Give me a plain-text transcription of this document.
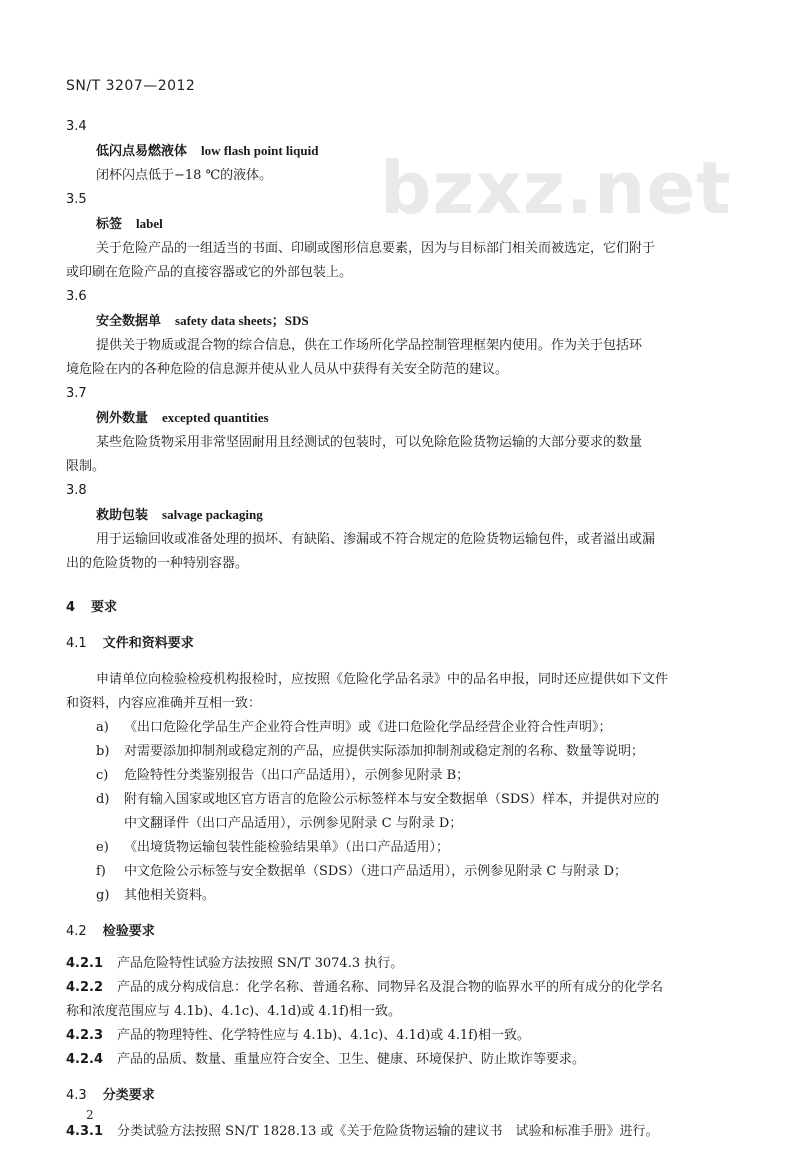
SN/T 3207—2012
bzxz.net
3.4
低闪点易燃液体 low flash point liquid
闭杯闪点低于−18 ℃的液体。
3.5
标签 label
关于危险产品的一组适当的书面、印刷或图形信息要素，因为与目标部门相关而被选定，它们附于
或印刷在危险产品的直接容器或它的外部包装上。
3.6
安全数据单 safety data sheets；SDS
提供关于物质或混合物的综合信息，供在工作场所化学品控制管理框架内使用。作为关于包括环
境危险在内的各种危险的信息源并使从业人员从中获得有关安全防范的建议。
3.7
例外数量 excepted quantities
某些危险货物采用非常坚固耐用且经测试的包装时，可以免除危险货物运输的大部分要求的数量
限制。
3.8
救助包装 salvage packaging
用于运输回收或准备处理的损坏、有缺陷、渗漏或不符合规定的危险货物运输包件，或者溢出或漏
出的危险货物的一种特别容器。
4 要求
4.1 文件和资料要求
申请单位向检验检疫机构报检时，应按照《危险化学品名录》中的品名申报，同时还应提供如下文件
和资料，内容应准确并互相一致：
a) 《出口危险化学品生产企业符合性声明》或《进口危险化学品经营企业符合性声明》；
b) 对需要添加抑制剂或稳定剂的产品，应提供实际添加抑制剂或稳定剂的名称、数量等说明；
c) 危险特性分类鉴别报告（出口产品适用），示例参见附录 B；
d) 附有输入国家或地区官方语言的危险公示标签样本与安全数据单（SDS）样本，并提供对应的
中文翻译件（出口产品适用），示例参见附录 C 与附录 D；
e) 《出境货物运输包装性能检验结果单》（出口产品适用）；
f) 中文危险公示标签与安全数据单（SDS）（进口产品适用），示例参见附录 C 与附录 D；
g) 其他相关资料。
4.2 检验要求
4.2.1 产品危险特性试验方法按照 SN/T 3074.3 执行。
4.2.2 产品的成分构成信息：化学名称、普通名称、同物异名及混合物的临界水平的所有成分的化学名
称和浓度范围应与 4.1b)、4.1c)、4.1d)或 4.1f)相一致。
4.2.3 产品的物理特性、化学特性应与 4.1b)、4.1c)、4.1d)或 4.1f)相一致。
4.2.4 产品的品质、数量、重量应符合安全、卫生、健康、环境保护、防止欺诈等要求。
4.3 分类要求
4.3.1 分类试验方法按照 SN/T 1828.13 或《关于危险货物运输的建议书　试验和标准手册》进行。
2
